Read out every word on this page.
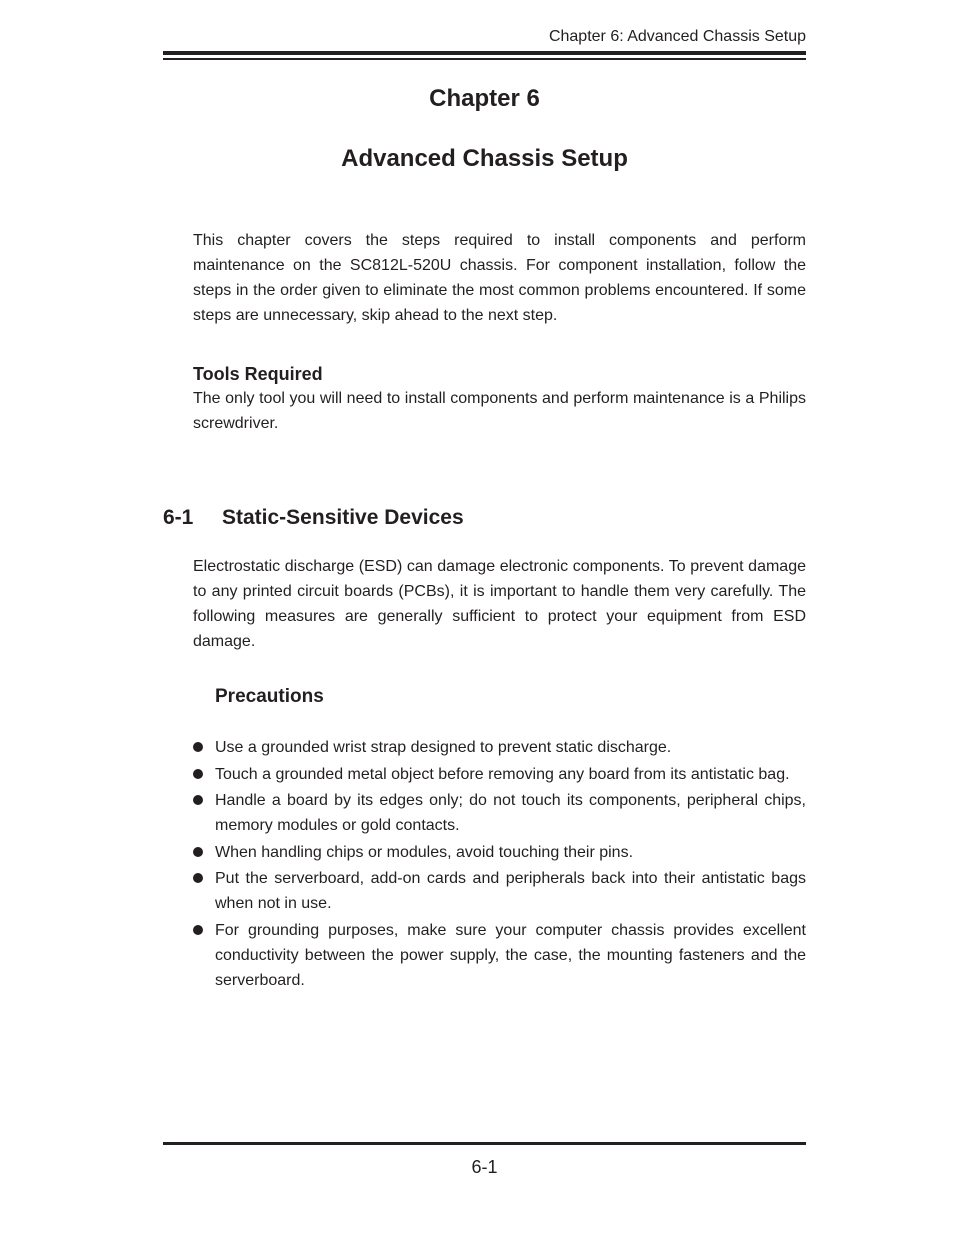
Chapter 6: Advanced Chassis Setup
Chapter 6
Advanced Chassis Setup

This chapter covers the steps required to install components and perform maintenance on the SC812L-520U chassis. For component installation, follow the steps in the order given to eliminate the most common problems encountered. If some steps are unnecessary, skip ahead to the next step.

Tools Required

The only tool you will need to install components and perform maintenance is a Philips screwdriver.

6-1 Static-Sensitive Devices

Electrostatic discharge (ESD) can damage electronic components. To prevent damage to any printed circuit boards (PCBs), it is important to handle them very carefully. The following measures are generally sufficient to protect your equipment from ESD damage.

Precautions
Use a grounded wrist strap designed to prevent static discharge.
Touch a grounded metal object before removing any board from its antistatic bag.
Handle a board by its edges only; do not touch its components, peripheral chips, memory modules or gold contacts.
When handling chips or modules, avoid touching their pins.
Put the serverboard, add-on cards and peripherals back into their antistatic bags when not in use.
For grounding purposes, make sure your computer chassis provides excellent conductivity between the power supply, the case, the mounting fasteners and the serverboard.
6-1
